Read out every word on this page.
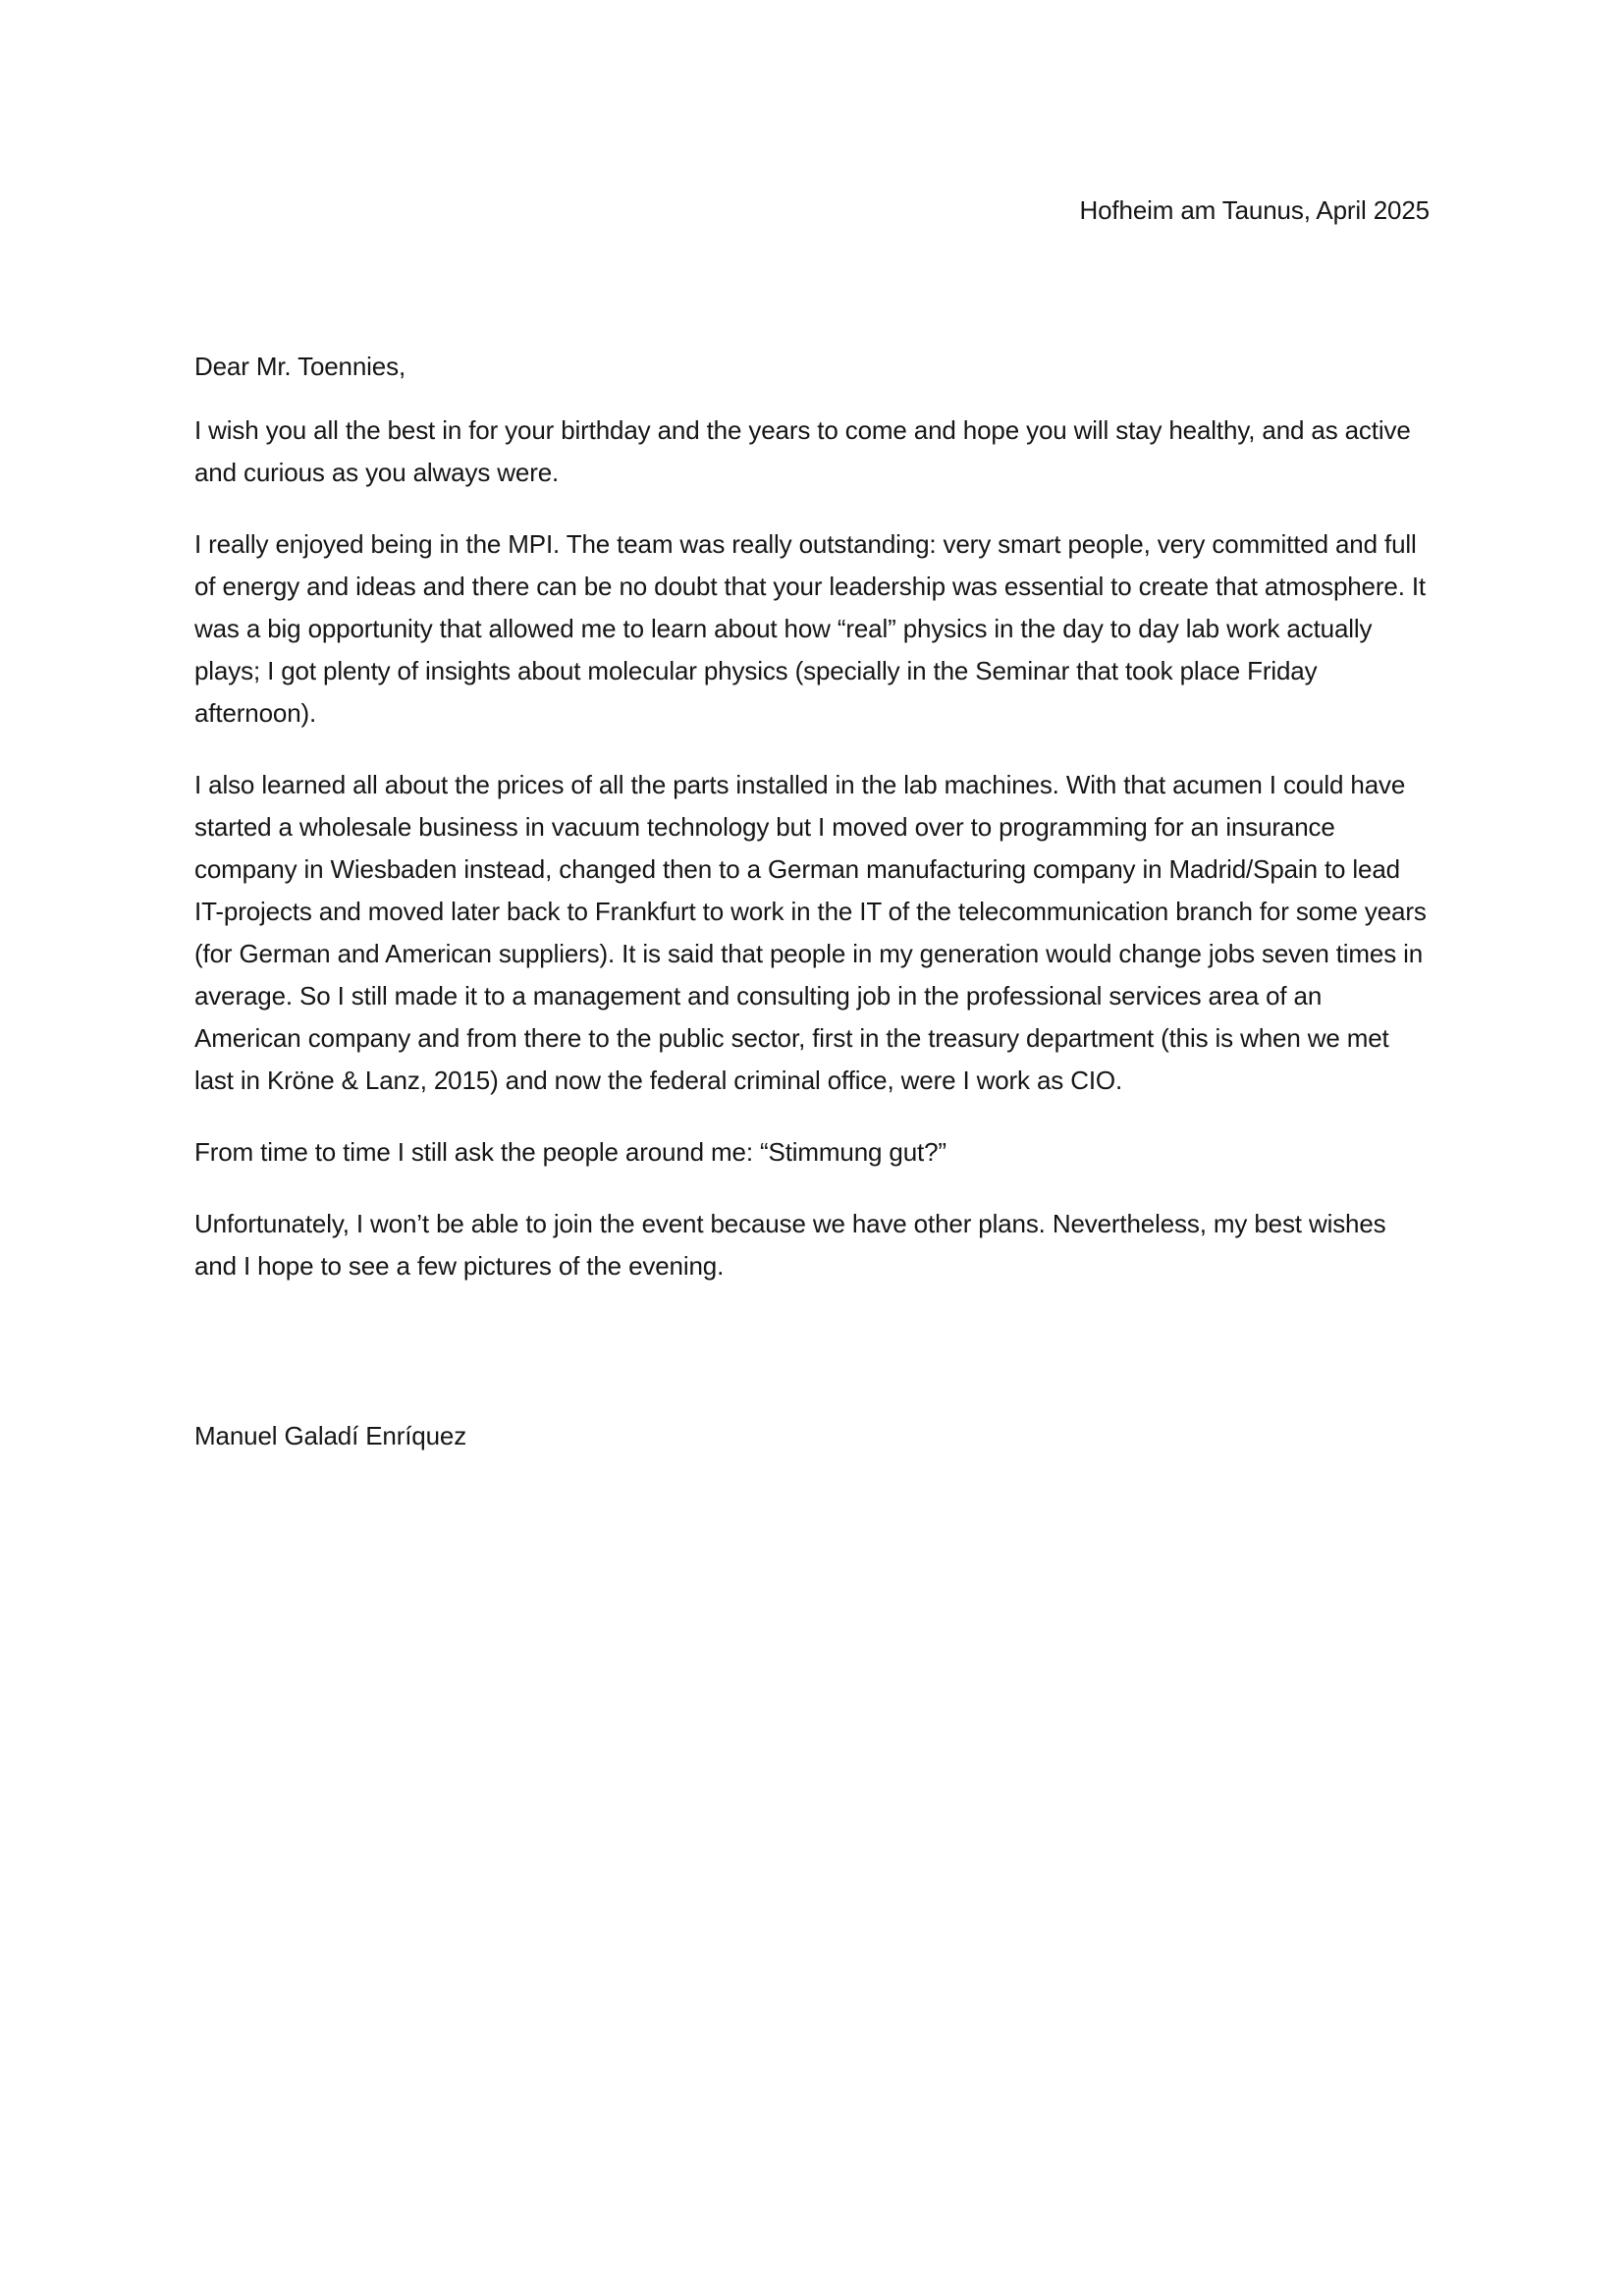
Hofheim am Taunus, April 2025
Dear Mr. Toennies,

I wish you all the best in for your birthday and the years to come and hope you will stay healthy, and as active and curious as you always were.

I really enjoyed being in the MPI. The team was really outstanding: very smart people, very committed and full of energy and ideas and there can be no doubt that your leadership was essential to create that atmosphere. It was a big opportunity that allowed me to learn about how “real” physics in the day to day lab work actually plays; I got plenty of insights about molecular physics (specially in the Seminar that took place Friday afternoon).

I also learned all about the prices of all the parts installed in the lab machines. With that acumen I could have started a wholesale business in vacuum technology but I moved over to programming for an insurance company in Wiesbaden instead, changed then to a German manufacturing company in Madrid/Spain to lead IT-projects and moved later back to Frankfurt to work in the IT of the telecommunication branch for some years (for German and American suppliers). It is said that people in my generation would change jobs seven times in average. So I still made it to a management and consulting job in the professional services area of an American company and from there to the public sector, first in the treasury department (this is when we met last in Kröne & Lanz, 2015) and now the federal criminal office, were I work as CIO.

From time to time I still ask the people around me: “Stimmung gut?”

Unfortunately, I won’t be able to join the event because we have other plans. Nevertheless, my best wishes and I hope to see a few pictures of the evening.

Manuel Galadí Enríquez
